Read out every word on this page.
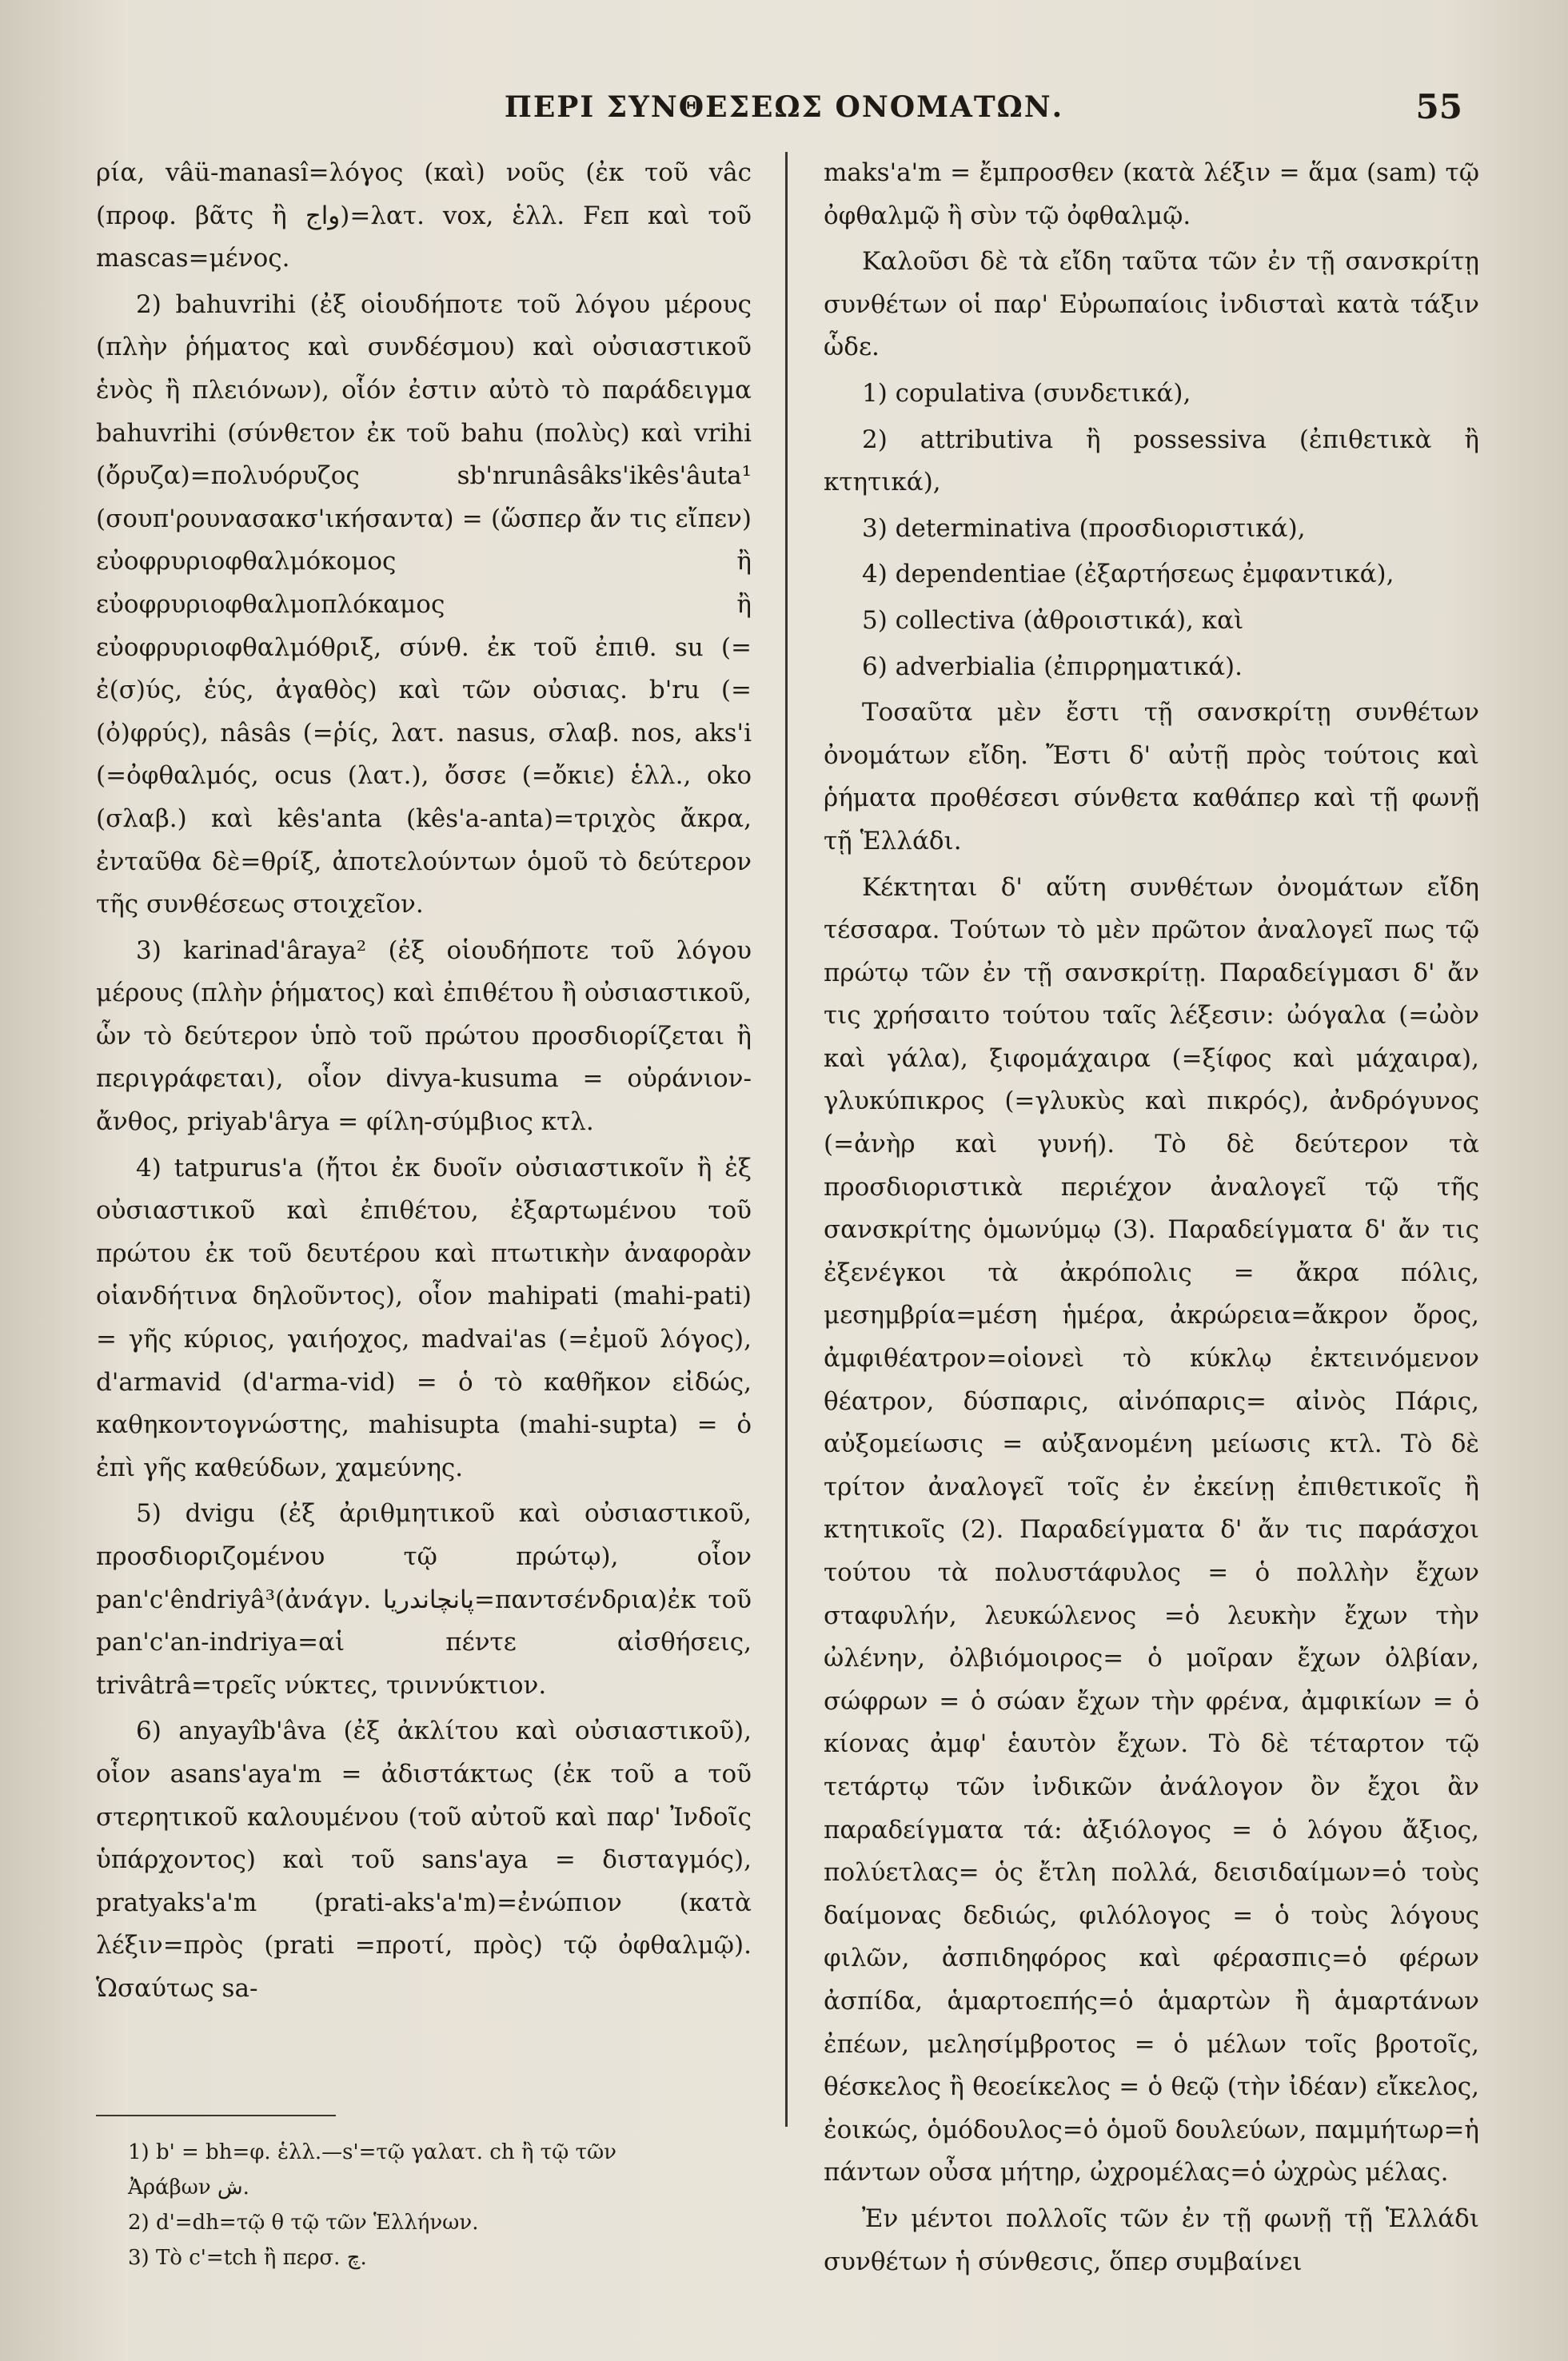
ΠΕΡΙ ΣΥΝΘΕΣΕΩΣ ΟΝΟΜΑΤΩΝ.	55

ρία, vâü-manasî=λόγος (καὶ) νοῦς (ἐκ τοῦ vâc (προφ. βᾶτς ἢ واج)=λατ. vox, ἑλλ. Fεπ καὶ τοῦ mascas=μένος.

2) bahuvrihi (ἐξ οἱουδήποτε τοῦ λόγου μέρους (πλὴν ῥήματος καὶ συνδέσμου) καὶ οὐσιαστικοῦ ἑνὸς ἢ πλειόνων), οἷόν ἐστιν αὐτὸ τὸ παράδειγμα bahuvrihi (σύνθετον ἐκ τοῦ bahu (πολὺς) καὶ vrihi (ὄρυζα)=πολυόρυζος sb'nrunâsâks'ikês'âuta¹ (σουπ'ρουνασακσ'ικήσαντα) = (ὥσπερ ἄν τις εἴπεν) εὐοφρυριοφθαλμόκομος ἢ εὐοφρυριοφθαλμοπλόκαμος ἢ εὐοφρυριοφθαλμόθριξ, σύνθ. ἐκ τοῦ ἐπιθ. su (= ἐ(σ)ύς, ἐύς, ἀγαθὸς) καὶ τῶν οὐσιας. b'ru (=(ὀ)φρύς), nâsâs (=ῥίς, λατ. nasus, σλαβ. nos, aks'i (=ὀφθαλμός, ocus (λατ.), ὄσσε (=ὄκιε) ἑλλ., oko (σλαβ.) καὶ kês'anta (kês'a-anta)=τριχὸς ἄκρα, ἐνταῦθα δὲ=θρίξ, ἀποτελούντων ὁμοῦ τὸ δεύτερον τῆς συνθέσεως στοιχεῖον.

3) karinad'âraya² (ἐξ οἱουδήποτε τοῦ λόγου μέρους (πλὴν ῥήματος) καὶ ἐπιθέτου ἢ οὐσιαστικοῦ, ὧν τὸ δεύτερον ὑπὸ τοῦ πρώτου προσδιορίζεται ἢ περιγράφεται), οἷον divya-kusuma = οὐράνιον-ἄνθος, priyab'ârya = φίλη-σύμβιος κτλ.

4) tatpurus'a (ἤτοι ἐκ δυοῖν οὐσιαστικοῖν ἢ ἐξ οὐσιαστικοῦ καὶ ἐπιθέτου, ἐξαρτωμένου τοῦ πρώτου ἐκ τοῦ δευτέρου καὶ πτωτικὴν ἀναφορὰν οἱανδήτινα δηλοῦντος), οἷον mahipati (mahi-pati) = γῆς κύριος, γαιήοχος, madvai'as (=ἐμοῦ λόγος), d'armavid (d'arma-vid) = ὁ τὸ καθῆκον εἰδώς, καθηκοντογνώστης, mahisupta (mahi-supta) = ὁ ἐπὶ γῆς καθεύδων, χαμεύνης.

5) dvigu (ἐξ ἀριθμητικοῦ καὶ οὐσιαστικοῦ, προσδιοριζομένου τῷ πρώτῳ), οἷον pan'c'êndriyâ³(ἀνάγν. پانچاندریا=παντσένδρια)ἐκ τοῦ pan'c'an-indriya=αἱ πέντε αἰσθήσεις, trivâtrâ=τρεῖς νύκτες, τριννύκτιον.

6) anyayîb'âva (ἐξ ἀκλίτου καὶ οὐσιαστικοῦ), οἷον asans'aya'm = ἀδιστάκτως (ἐκ τοῦ a τοῦ στερητικοῦ καλουμένου (τοῦ αὐτοῦ καὶ παρ' Ἰνδοῖς ὑπάρχοντος) καὶ τοῦ sans'aya = δισταγμός), pratyaks'a'm (prati-aks'a'm)=ἐνώπιον (κατὰ λέξιν=πρὸς (prati =προτί, πρὸς) τῷ ὀφθαλμῷ). Ὡσαύτως sa-

maks'a'm = ἔμπροσθεν (κατὰ λέξιν = ἅμα (sam) τῷ ὀφθαλμῷ ἢ σὺν τῷ ὀφθαλμῷ.

Καλοῦσι δὲ τὰ εἴδη ταῦτα τῶν ἐν τῇ σανσκρίτῃ συνθέτων οἱ παρ' Εὐρωπαίοις ἰνδισταὶ κατὰ τάξιν ὧδε.

1) copulativa (συνδετικά),

2) attributiva ἢ possessiva (ἐπιθετικὰ ἢ κτητικά),

3) determinativa (προσδιοριστικά),

4) dependentiae (ἐξαρτήσεως ἐμφαντικά),

5) collectiva (ἀθροιστικά), καὶ

6) adverbialia (ἐπιρρηματικά).

Τοσαῦτα μὲν ἔστι τῇ σανσκρίτῃ συνθέτων ὀνομάτων εἴδη. Ἔστι δ' αὐτῇ πρὸς τούτοις καὶ ῥήματα προθέσεσι σύνθετα καθάπερ καὶ τῇ φωνῇ τῇ Ἑλλάδι.

Κέκτηται δ' αὕτη συνθέτων ὀνομάτων εἴδη τέσσαρα. Τούτων τὸ μὲν πρῶτον ἀναλογεῖ πως τῷ πρώτῳ τῶν ἐν τῇ σανσκρίτῃ. Παραδείγμασι δ' ἄν τις χρήσαιτο τούτου ταῖς λέξεσιν: ὠόγαλα (=ὠὸν καὶ γάλα), ξιφομάχαιρα (=ξίφος καὶ μάχαιρα), γλυκύπικρος (=γλυκὺς καὶ πικρός), ἀνδρόγυνος (=ἀνὴρ καὶ γυνή). Τὸ δὲ δεύτερον τὰ προσδιοριστικὰ περιέχον ἀναλογεῖ τῷ τῆς σανσκρίτης ὁμωνύμῳ (3). Παραδείγματα δ' ἄν τις ἐξενέγκοι τὰ ἀκρόπολις = ἄκρα πόλις, μεσημβρία=μέση ἡμέρα, ἀκρώρεια=ἄκρον ὄρος, ἀμφιθέατρον=οἱονεὶ τὸ κύκλῳ ἐκτεινόμενον θέατρον, δύσπαρις, αἰνόπαρις= αἰνὸς Πάρις, αὐξομείωσις = αὐξανομένη μείωσις κτλ. Τὸ δὲ τρίτον ἀναλογεῖ τοῖς ἐν ἐκείνῃ ἐπιθετικοῖς ἢ κτητικοῖς (2). Παραδείγματα δ' ἄν τις παράσχοι τούτου τὰ πολυστάφυλος = ὁ πολλὴν ἔχων σταφυλήν, λευκώλενος =ὁ λευκὴν ἔχων τὴν ὠλένην, ὀλβιόμοιρος= ὁ μοῖραν ἔχων ὀλβίαν, σώφρων = ὁ σώαν ἔχων τὴν φρένα, ἀμφικίων = ὁ κίονας ἀμφ' ἑαυτὸν ἔχων. Τὸ δὲ τέταρτον τῷ τετάρτῳ τῶν ἰνδικῶν ἀνάλογον ὂν ἔχοι ἂν παραδείγματα τά: ἀξιόλογος = ὁ λόγου ἄξιος, πολύετλας= ὁς ἔτλη πολλά, δεισιδαίμων=ὁ τοὺς δαίμονας δεδιώς, φιλόλογος = ὁ τοὺς λόγους φιλῶν, ἀσπιδηφόρος καὶ φέρασπις=ὁ φέρων ἀσπίδα, ἁμαρτοεπής=ὁ ἁμαρτὼν ἢ ἁμαρτάνων ἐπέων, μελησίμβροτος = ὁ μέλων τοῖς βροτοῖς, θέσκελος ἢ θεοείκελος = ὁ θεῷ (τὴν ἰδέαν) εἴκελος, ἐοικώς, ὁμόδουλος=ὁ ὁμοῦ δουλεύων, παμμήτωρ=ἡ πάντων οὖσα μήτηρ, ὠχρομέλας=ὁ ὠχρὼς μέλας.

Ἐν μέντοι πολλοῖς τῶν ἐν τῇ φωνῇ τῇ Ἑλλάδι συνθέτων ἡ σύνθεσις, ὅπερ συμβαίνει

1) b' = bh=φ. ἑλλ.—s'=τῷ γαλατ. ch ἢ τῷ τῶν Ἀράβων ش.
2) d'=dh=τῷ θ τῷ τῶν Ἑλλήνων.
3) Τὸ c'=tch ἢ περσ. چ.
